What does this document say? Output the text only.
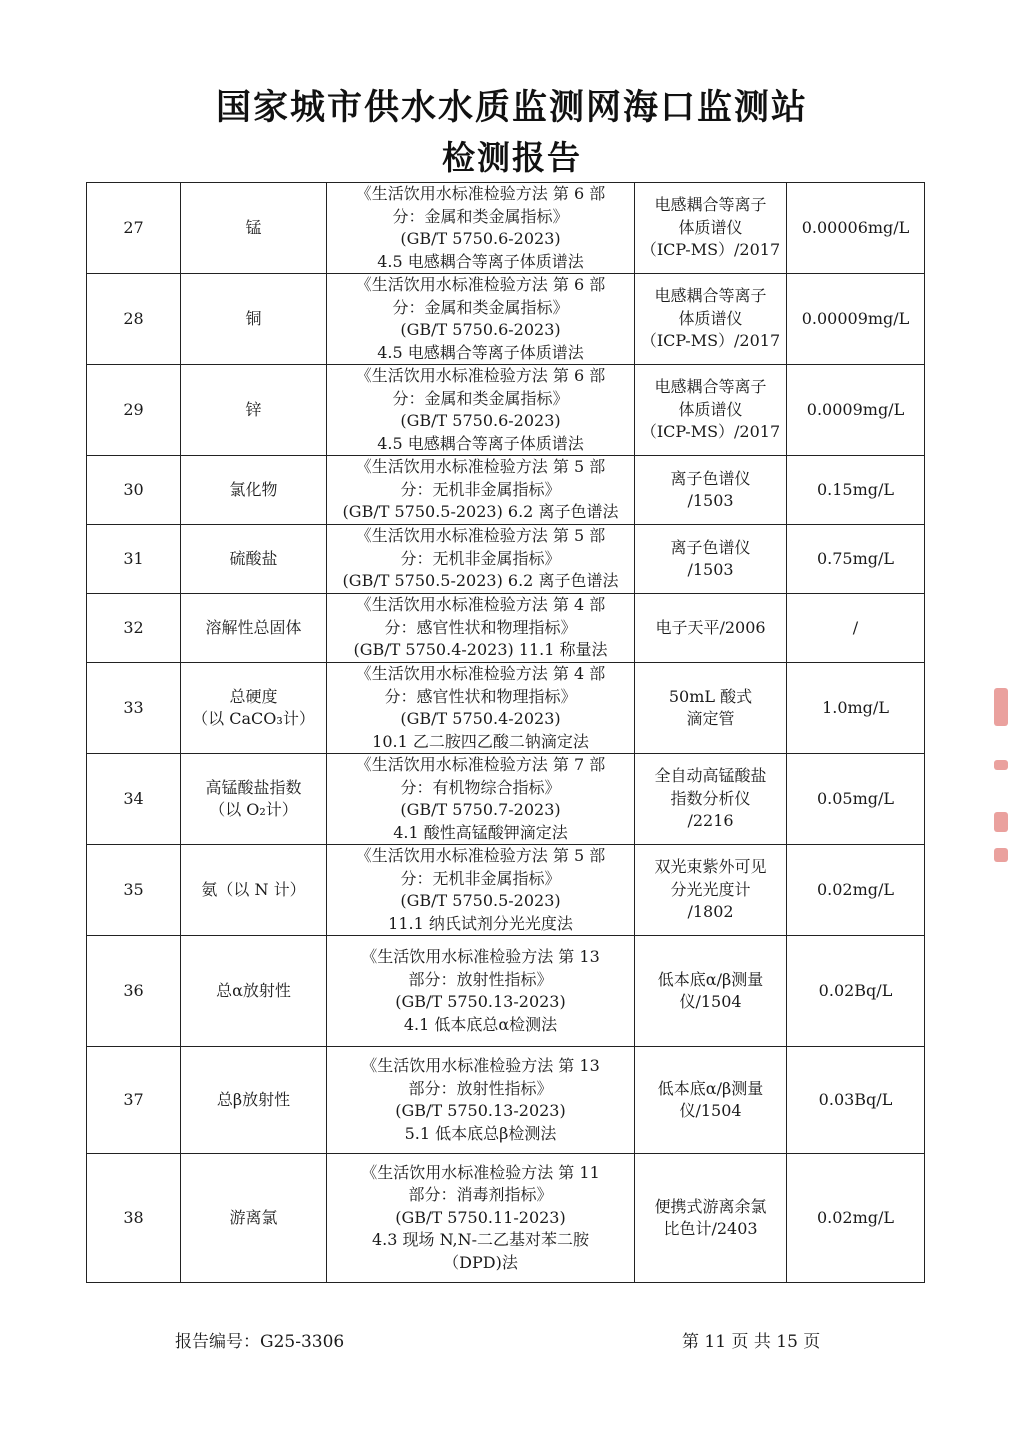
国家城市供水水质监测网海口监测站
检测报告
27	锰	《生活饮用水标准检验方法 第 6 部
分：金属和类金属指标》
(GB/T 5750.6-2023)
4.5 电感耦合等离子体质谱法	电感耦合等离子
体质谱仪
（ICP-MS）/2017	0.00006mg/L
28	铜	《生活饮用水标准检验方法 第 6 部
分：金属和类金属指标》
(GB/T 5750.6-2023)
4.5 电感耦合等离子体质谱法	电感耦合等离子
体质谱仪
（ICP-MS）/2017	0.00009mg/L
29	锌	《生活饮用水标准检验方法 第 6 部
分：金属和类金属指标》
(GB/T 5750.6-2023)
4.5 电感耦合等离子体质谱法	电感耦合等离子
体质谱仪
（ICP-MS）/2017	0.0009mg/L
30	氯化物	《生活饮用水标准检验方法 第 5 部
分：无机非金属指标》
(GB/T 5750.5-2023) 6.2 离子色谱法	离子色谱仪
/1503	0.15mg/L
31	硫酸盐	《生活饮用水标准检验方法 第 5 部
分：无机非金属指标》
(GB/T 5750.5-2023) 6.2 离子色谱法	离子色谱仪
/1503	0.75mg/L
32	溶解性总固体	《生活饮用水标准检验方法 第 4 部
分：感官性状和物理指标》
(GB/T 5750.4-2023) 11.1 称量法	电子天平/2006	/
33	总硬度
（以 CaCO₃计）	《生活饮用水标准检验方法 第 4 部
分：感官性状和物理指标》
(GB/T 5750.4-2023)
10.1 乙二胺四乙酸二钠滴定法	50mL 酸式
滴定管	1.0mg/L
34	高锰酸盐指数
（以 O₂计）	《生活饮用水标准检验方法 第 7 部
分：有机物综合指标》
(GB/T 5750.7-2023)
4.1 酸性高锰酸钾滴定法	全自动高锰酸盐
指数分析仪
/2216	0.05mg/L
35	氨（以 N 计）	《生活饮用水标准检验方法 第 5 部
分：无机非金属指标》
(GB/T 5750.5-2023)
11.1 纳氏试剂分光光度法	双光束紫外可见
分光光度计
/1802	0.02mg/L
36	总α放射性	《生活饮用水标准检验方法 第 13
部分：放射性指标》
(GB/T 5750.13-2023)
4.1 低本底总α检测法	低本底α/β测量
仪/1504	0.02Bq/L
37	总β放射性	《生活饮用水标准检验方法 第 13
部分：放射性指标》
(GB/T 5750.13-2023)
5.1 低本底总β检测法	低本底α/β测量
仪/1504	0.03Bq/L
38	游离氯	《生活饮用水标准检验方法 第 11
部分：消毒剂指标》
(GB/T 5750.11-2023)
4.3 现场 N,N-二乙基对苯二胺
（DPD)法	便携式游离余氯
比色计/2403	0.02mg/L
报告编号：G25-3306	第 11 页 共 15 页
